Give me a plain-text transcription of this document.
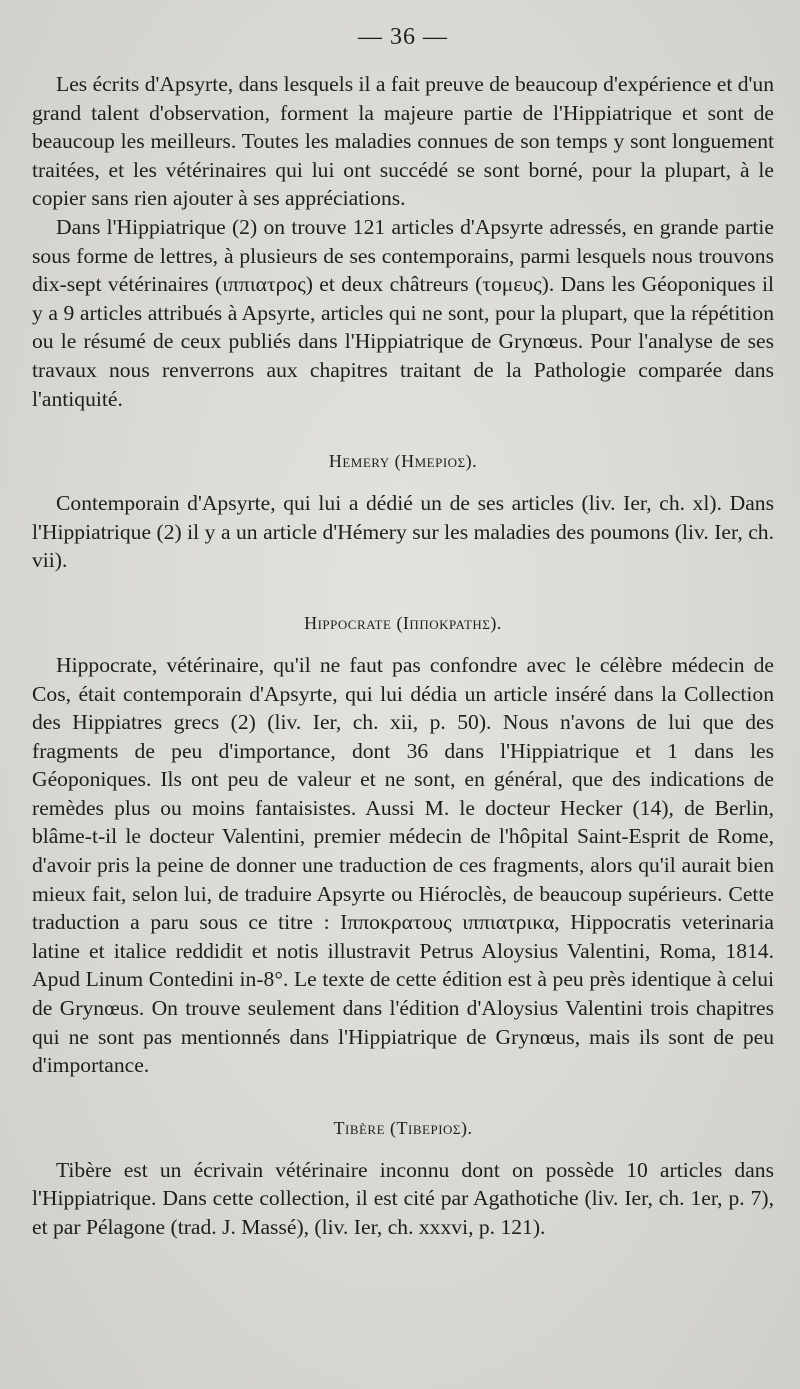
— 36 —

Les écrits d'Apsyrte, dans lesquels il a fait preuve de beaucoup d'expérience et d'un grand talent d'observation, forment la majeure partie de l'Hippiatrique et sont de beaucoup les meilleurs. Toutes les maladies connues de son temps y sont longuement traitées, et les vétérinaires qui lui ont succédé se sont borné, pour la plupart, à le copier sans rien ajouter à ses appréciations.

Dans l'Hippiatrique (2) on trouve 121 articles d'Apsyrte adressés, en grande partie sous forme de lettres, à plusieurs de ses contemporains, parmi lesquels nous trouvons dix-sept vétérinaires (ιππιατρος) et deux châtreurs (τομευς). Dans les Géoponiques il y a 9 articles attribués à Apsyrte, articles qui ne sont, pour la plupart, que la répétition ou le résumé de ceux publiés dans l'Hippiatrique de Grynœus. Pour l'analyse de ses travaux nous renverrons aux chapitres traitant de la Pathologie comparée dans l'antiquité.

Hemery (Ημεριος).

Contemporain d'Apsyrte, qui lui a dédié un de ses articles (liv. Ier, ch. xl). Dans l'Hippiatrique (2) il y a un article d'Hémery sur les maladies des poumons (liv. Ier, ch. vii).

Hippocrate (Ιπποκρατης).

Hippocrate, vétérinaire, qu'il ne faut pas confondre avec le célèbre médecin de Cos, était contemporain d'Apsyrte, qui lui dédia un article inséré dans la Collection des Hippiatres grecs (2) (liv. Ier, ch. xii, p. 50). Nous n'avons de lui que des fragments de peu d'importance, dont 36 dans l'Hippiatrique et 1 dans les Géoponiques. Ils ont peu de valeur et ne sont, en général, que des indications de remèdes plus ou moins fantaisistes. Aussi M. le docteur Hecker (14), de Berlin, blâme-t-il le docteur Valentini, premier médecin de l'hôpital Saint-Esprit de Rome, d'avoir pris la peine de donner une traduction de ces fragments, alors qu'il aurait bien mieux fait, selon lui, de traduire Apsyrte ou Hiéroclès, de beaucoup supérieurs. Cette traduction a paru sous ce titre : Ιπποκρατους ιππιατρικα, Hippocratis veterinaria latine et italice reddidit et notis illustravit Petrus Aloysius Valentini, Roma, 1814. Apud Linum Contedini in-8°. Le texte de cette édition est à peu près identique à celui de Grynœus. On trouve seulement dans l'édition d'Aloysius Valentini trois chapitres qui ne sont pas mentionnés dans l'Hippiatrique de Grynœus, mais ils sont de peu d'importance.

Tibère (Τιβεριος).

Tibère est un écrivain vétérinaire inconnu dont on possède 10 articles dans l'Hippiatrique. Dans cette collection, il est cité par Agathotiche (liv. Ier, ch. 1er, p. 7), et par Pélagone (trad. J. Massé), (liv. Ier, ch. xxxvi, p. 121).
